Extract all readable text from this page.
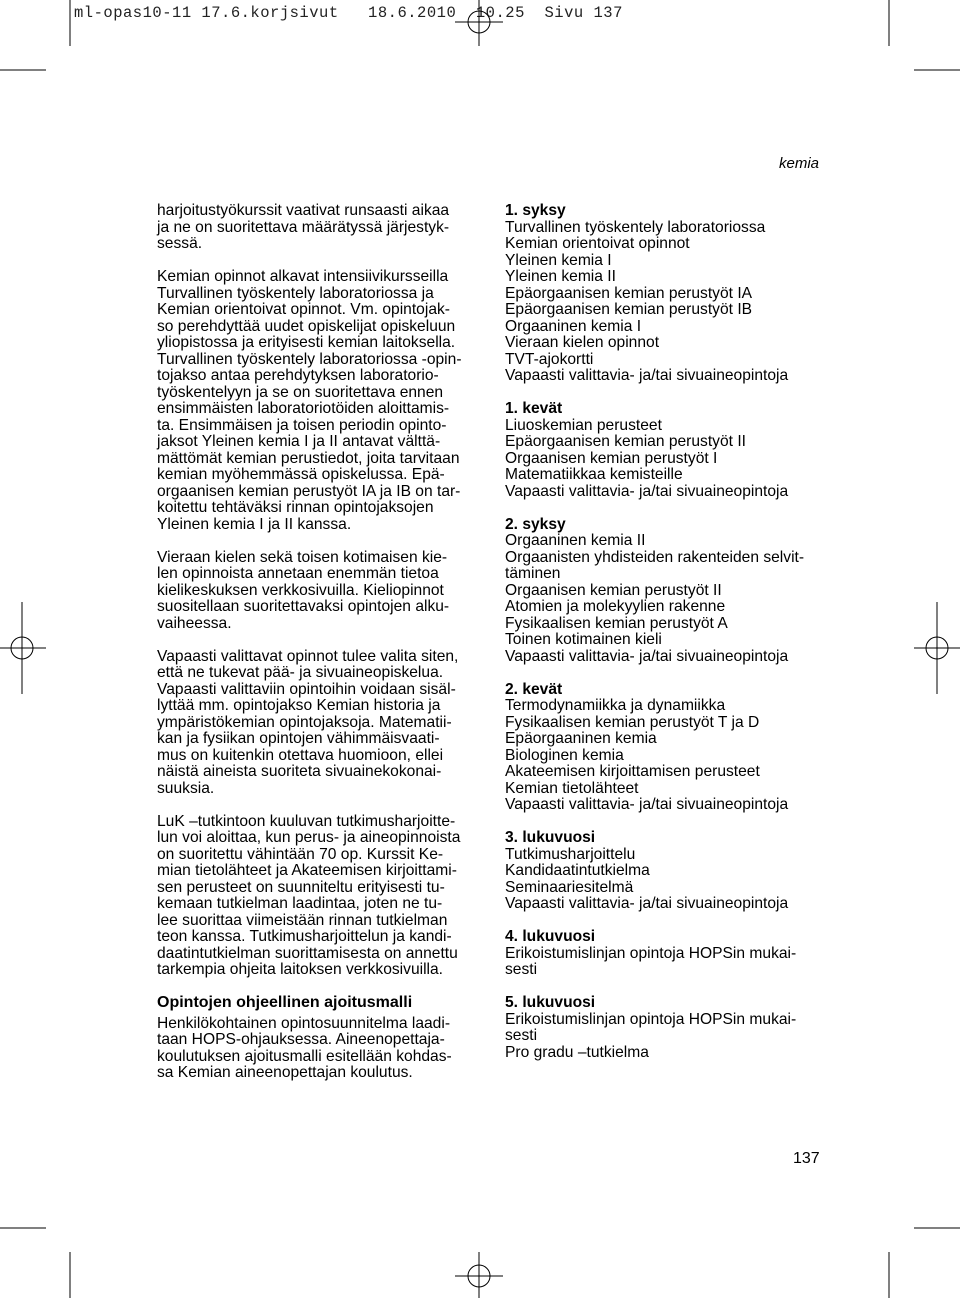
ml-opas10-11 17.6.korjsivut   18.6.2010  10.25  Sivu 137
kemia
harjoitustyökurssit vaativat runsaasti aikaa
ja ne on suoritettava määrätyssä järjestyk-
sessä.
Kemian opinnot alkavat intensiivikursseilla
Turvallinen työskentely laboratoriossa ja
Kemian orientoivat opinnot. Vm. opintojak-
so perehdyttää uudet opiskelijat opiskeluun
yliopistossa ja erityisesti kemian laitoksella.
Turvallinen työskentely laboratoriossa -opin-
tojakso antaa perehdytyksen laboratorio-
työskentelyyn ja se on suoritettava ennen
ensimmäisten laboratoriotöiden aloittamis-
ta. Ensimmäisen ja toisen periodin opinto-
jaksot Yleinen kemia I ja II antavat välttä-
mättömät kemian perustiedot, joita tarvitaan
kemian myöhemmässä opiskelussa. Epä-
orgaanisen kemian perustyöt IA ja IB on tar-
koitettu tehtäväksi rinnan opintojaksojen
Yleinen kemia I ja II kanssa.
Vieraan kielen sekä toisen kotimaisen kie-
len opinnoista annetaan enemmän tietoa
kielikeskuksen verkkosivuilla. Kieliopinnot
suositellaan suoritettavaksi opintojen alku-
vaiheessa.
Vapaasti valittavat opinnot tulee valita siten,
että ne tukevat pää- ja sivuaineopiskelua.
Vapaasti valittaviin opintoihin voidaan sisäl-
lyttää mm. opintojakso Kemian historia ja
ympäristökemian opintojaksoja. Matematii-
kan ja fysiikan opintojen vähimmäisvaati-
mus on kuitenkin otettava huomioon, ellei
näistä aineista suoriteta sivuainekokonai-
suuksia.
LuK –tutkintoon kuuluvan tutkimusharjoitte-
lun voi aloittaa, kun perus- ja aineopinnoista
on suoritettu vähintään 70 op. Kurssit Ke-
mian tietolähteet ja Akateemisen kirjoittami-
sen perusteet on suunniteltu erityisesti tu-
kemaan tutkielman laadintaa, joten ne tu-
lee suorittaa viimeistään rinnan tutkielman
teon kanssa. Tutkimusharjoittelun ja kandi-
daatintutkielman suorittamisesta on annettu
tarkempia ohjeita laitoksen verkkosivuilla.
Opintojen ohjeellinen ajoitusmalli
Henkilökohtainen opintosuunnitelma laadi-
taan HOPS-ohjauksessa. Aineenopettaja-
koulutuksen ajoitusmalli esitellään kohdas-
sa Kemian aineenopettajan koulutus.
1. syksy
Turvallinen työskentely laboratoriossa
Kemian orientoivat opinnot
Yleinen kemia I
Yleinen kemia II
Epäorgaanisen kemian perustyöt IA
Epäorgaanisen kemian perustyöt IB
Orgaaninen kemia I
Vieraan kielen opinnot
TVT-ajokortti
Vapaasti valittavia- ja/tai sivuaineopintoja
1. kevät
Liuoskemian perusteet
Epäorgaanisen kemian perustyöt II
Orgaanisen kemian perustyöt I
Matematiikkaa kemisteille
Vapaasti valittavia- ja/tai sivuaineopintoja
2. syksy
Orgaaninen kemia II
Orgaanisten yhdisteiden rakenteiden selvit-
täminen
Orgaanisen kemian perustyöt II
Atomien ja molekyylien rakenne
Fysikaalisen kemian perustyöt A
Toinen kotimainen kieli
Vapaasti valittavia- ja/tai sivuaineopintoja
2. kevät
Termodynamiikka ja dynamiikka
Fysikaalisen kemian perustyöt T ja D
Epäorgaaninen kemia
Biologinen kemia
Akateemisen kirjoittamisen perusteet
Kemian tietolähteet
Vapaasti valittavia- ja/tai sivuaineopintoja
3. lukuvuosi
Tutkimusharjoittelu
Kandidaatintutkielma
Seminaariesitelmä
Vapaasti valittavia- ja/tai sivuaineopintoja
4. lukuvuosi
Erikoistumislinjan opintoja HOPSin mukai-
sesti
5. lukuvuosi
Erikoistumislinjan opintoja HOPSin mukai-
sesti
Pro gradu –tutkielma
137
